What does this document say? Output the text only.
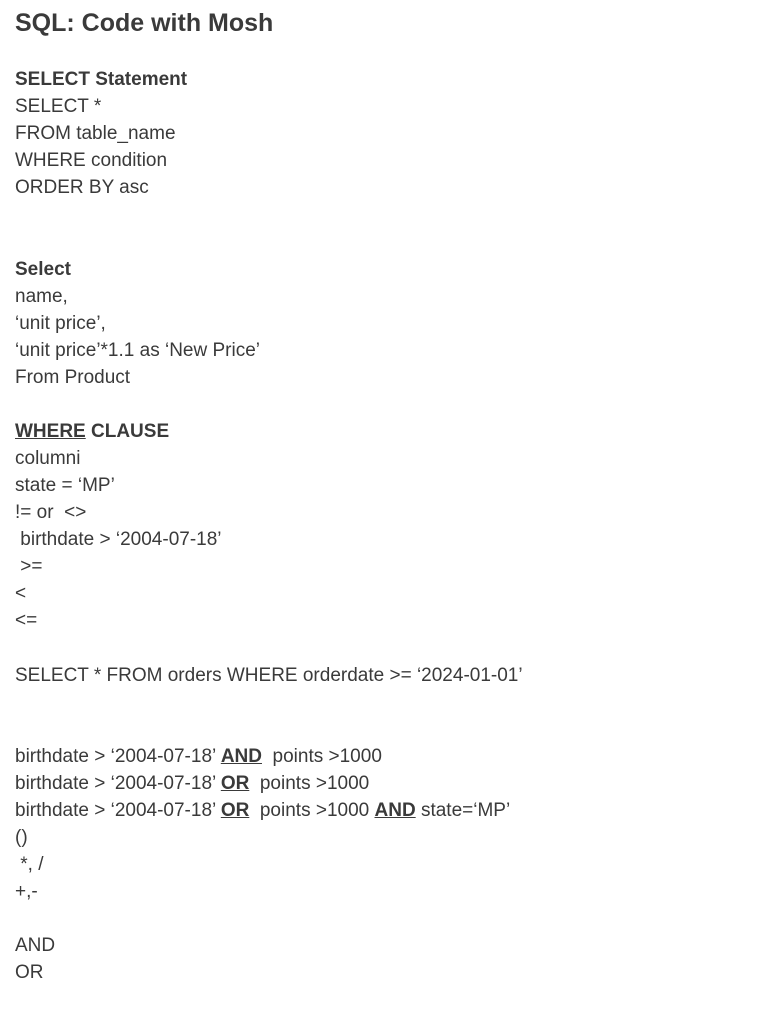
SQL: Code with Mosh
SELECT Statement
SELECT *
FROM table_name
WHERE condition
ORDER BY asc
Select
name,
‘unit price’,
‘unit price’*1.1 as ‘New Price’
From Product
WHERE CLAUSE
columni
state = ‘MP’
!= or  <>
birthdate > ‘2004-07-18’
>=
<
<=
SELECT * FROM orders WHERE orderdate >= ‘2024-01-01’
birthdate > ‘2004-07-18’ AND  points >1000
birthdate > ‘2004-07-18’ OR  points >1000
birthdate > ‘2004-07-18’ OR  points >1000 AND state=‘MP’
()
*, /
+,-
AND
OR
